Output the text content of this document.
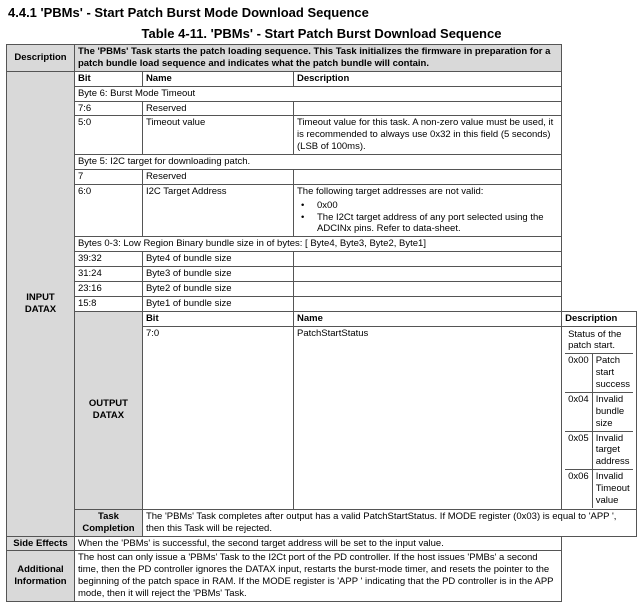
4.4.1 'PBMs' - Start Patch Burst Mode Download Sequence
Table 4-11. 'PBMs' - Start Patch Burst Download Sequence
Description	The 'PBMs' Task starts the patch loading sequence. This Task initializes the firmware in preparation for a patch bundle load sequence and indicates what the patch bundle will contain.
INPUT DATAX	Bit	Name	Description
Byte 6: Burst Mode Timeout
7:6	Reserved	
5:0	Timeout value	Timeout value for this task. A non-zero value must be used, it is recommended to always use 0x32 in this field (5 seconds) (LSB of 100ms).
Byte 5: I2C target for downloading patch.
7	Reserved	
6:0	I2C Target Address	The following target addresses are not valid:
• 0x00
• The I2Ct target address of any port selected using the ADCINx pins. Refer to data-sheet.

Bytes 0-3: Low Region Binary bundle size in of bytes: [ Byte4, Byte3, Byte2, Byte1]
39:32	Byte4 of bundle size	
31:24	Byte3 of bundle size	
23:16	Byte2 of bundle size	
15:8	Byte1 of bundle size	
OUTPUT DATAX	Bit	Name	Description
7:0	PatchStartStatus		Status of the patch start.
0x00	Patch start success
0x04	Invalid bundle size
0x05	Invalid target address
0x06	Invalid Timeout value

Task Completion	The 'PBMs' Task completes after output has a valid PatchStartStatus. If MODE register (0x03) is equal to 'APP ', then this Task will be rejected.
Side Effects	When the 'PBMs' is successful, the second target address will be set to the input value.
Additional Information	The host can only issue a 'PBMs' Task to the I2Ct port of the PD controller. If the host issues 'PMBs' a second time, then the PD controller ignores the DATAX input, restarts the burst-mode timer, and resets the pointer to the beginning of the patch space in RAM. If the MODE register is 'APP ' indicating that the PD controller is in the APP mode, then it will reject the 'PBMs' Task.
